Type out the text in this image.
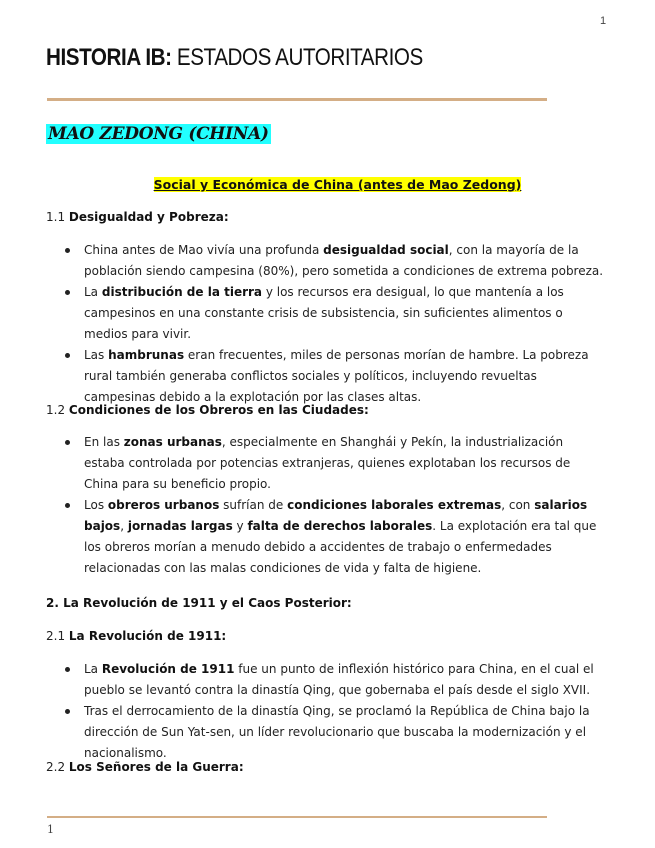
1
HISTORIA IB: ESTADOS AUTORITARIOS
MAO ZEDONG (CHINA)
Social y Económica de China (antes de Mao Zedong)
1.1 Desigualdad y Pobreza:
China antes de Mao vivía una profunda desigualdad social, con la mayoría de la población siendo campesina (80%), pero sometida a condiciones de extrema pobreza.
La distribución de la tierra y los recursos era desigual, lo que mantenía a los campesinos en una constante crisis de subsistencia, sin suficientes alimentos o medios para vivir.
Las hambrunas eran frecuentes, miles de personas morían de hambre. La pobreza rural también generaba conflictos sociales y políticos, incluyendo revueltas campesinas debido a la explotación por las clases altas.
1.2 Condiciones de los Obreros en las Ciudades:
En las zonas urbanas, especialmente en Shanghái y Pekín, la industrialización estaba controlada por potencias extranjeras, quienes explotaban los recursos de China para su beneficio propio.
Los obreros urbanos sufrían de condiciones laborales extremas, con salarios bajos, jornadas largas y falta de derechos laborales. La explotación era tal que los obreros morían a menudo debido a accidentes de trabajo o enfermedades relacionadas con las malas condiciones de vida y falta de higiene.
2. La Revolución de 1911 y el Caos Posterior:
2.1 La Revolución de 1911:
La Revolución de 1911 fue un punto de inflexión histórico para China, en el cual el pueblo se levantó contra la dinastía Qing, que gobernaba el país desde el siglo XVII.
Tras el derrocamiento de la dinastía Qing, se proclamó la República de China bajo la dirección de Sun Yat-sen, un líder revolucionario que buscaba la modernización y el nacionalismo.
2.2 Los Señores de la Guerra:
1
